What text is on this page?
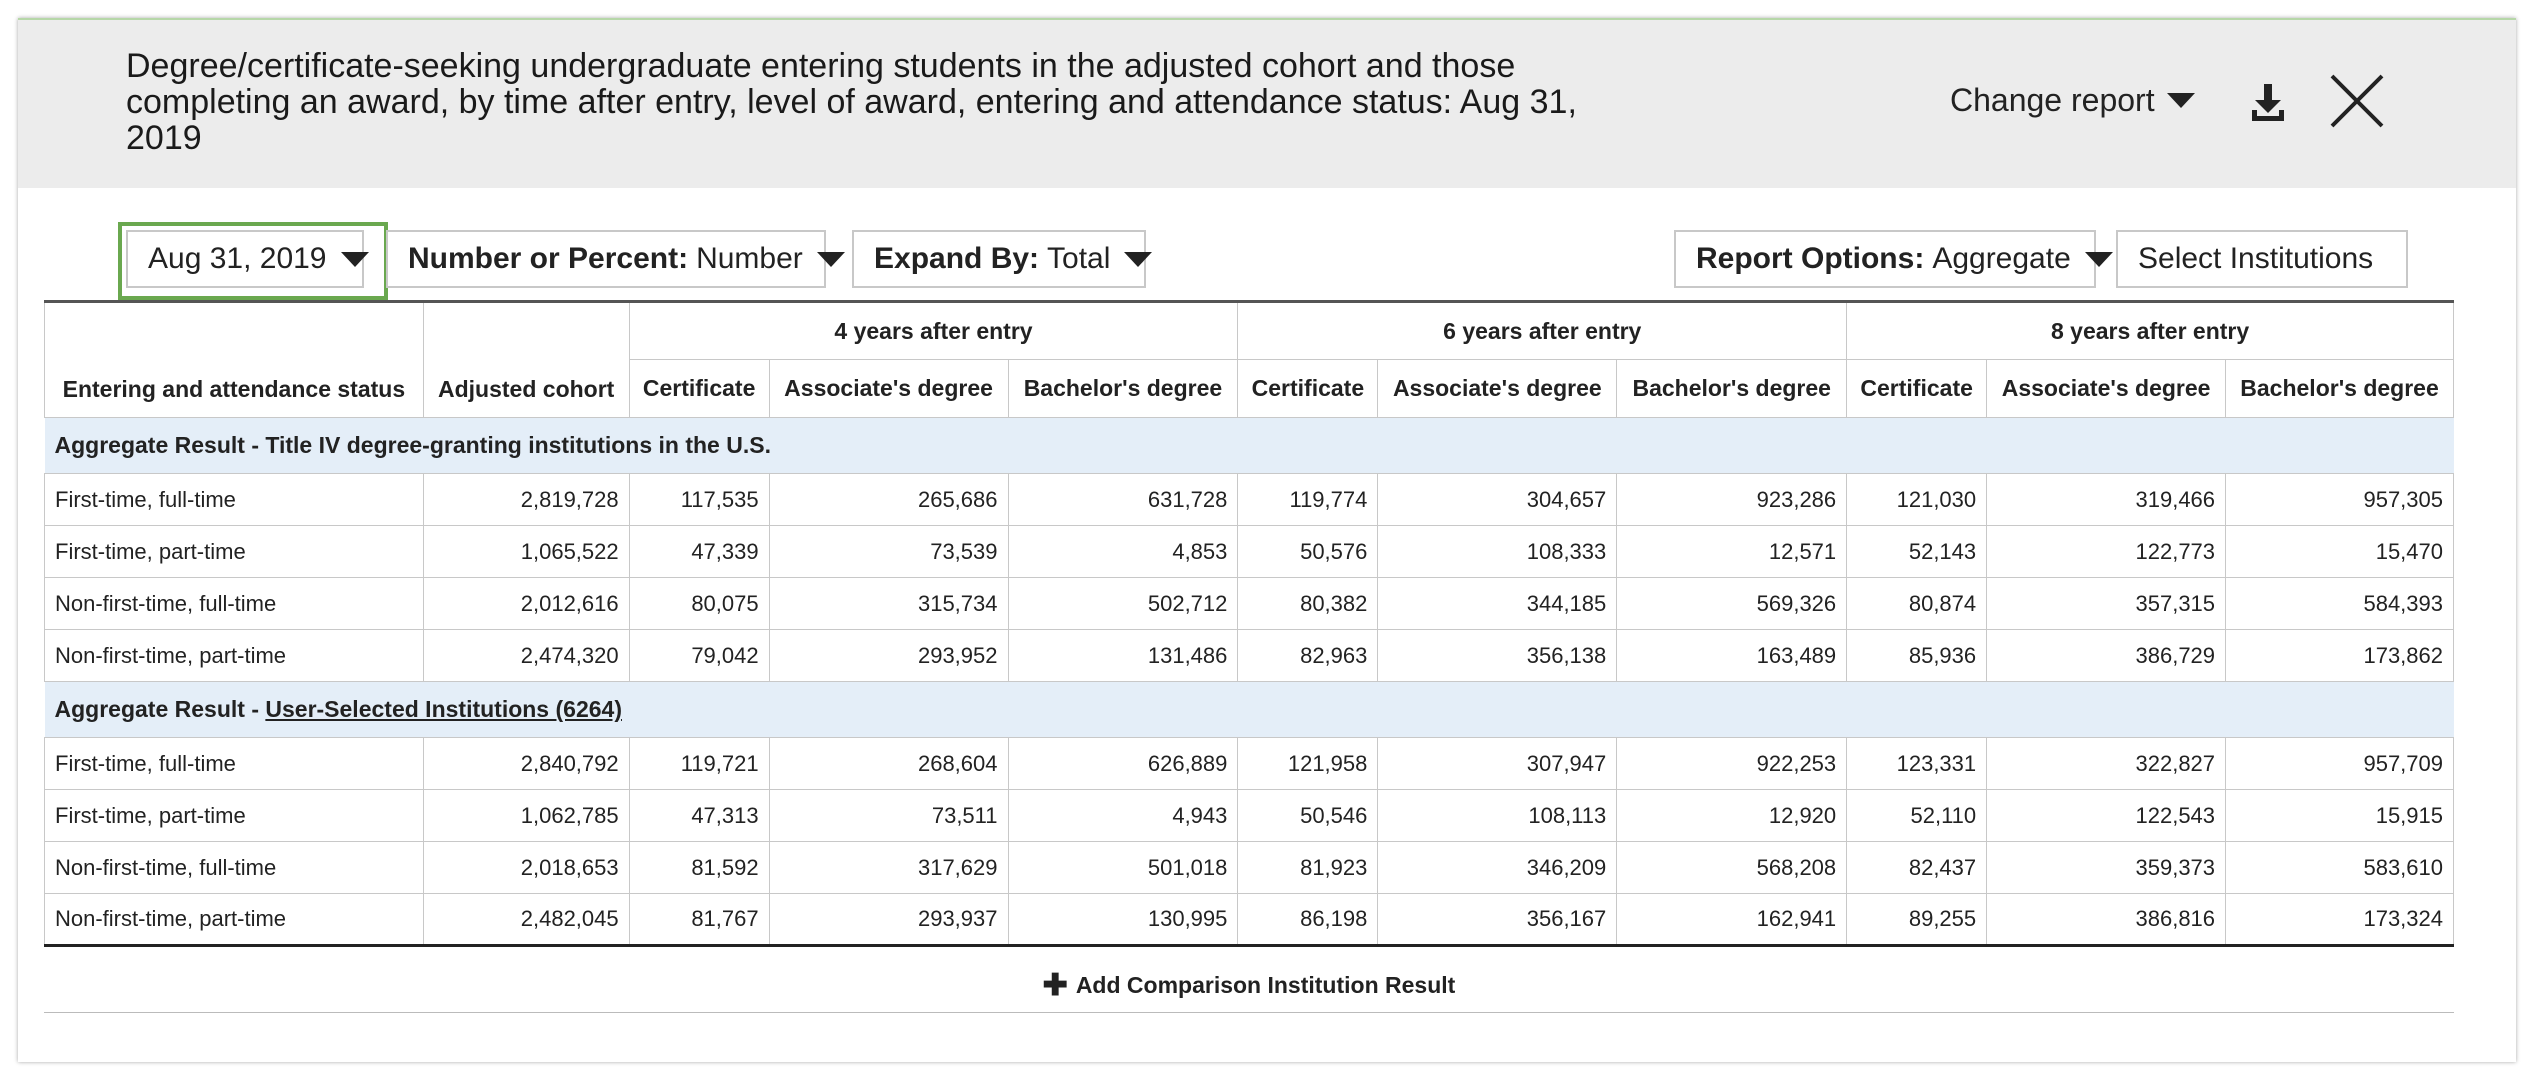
Degree/certificate-seeking undergraduate entering students in the adjusted cohort and those completing an award, by time after entry, level of award, entering and attendance status: Aug 31, 2019
Change report
Aug 31, 2019	Number or Percent: Number Expand By: Total	Report Options: Aggregate Select Institutions
Entering and attendance status	Adjusted cohort	4 years after entry			6 years after entry			8 years after entry		
		Certificate	Associate's degree	Bachelor's degree	Certificate	Associate's degree	Bachelor's degree	Certificate	Associate's degree	Bachelor's degree
Aggregate Result - Title IV degree-granting institutions in the U.S.										
First-time, full-time	2,819,728	117,535	265,686	631,728	119,774	304,657	923,286	121,030	319,466	957,305
First-time, part-time	1,065,522	47,339	73,539	4,853	50,576	108,333	12,571	52,143	122,773	15,470
Non-first-time, full-time	2,012,616	80,075	315,734	502,712	80,382	344,185	569,326	80,874	357,315	584,393
Non-first-time, part-time	2,474,320	79,042	293,952	131,486	82,963	356,138	163,489	85,936	386,729	173,862
Aggregate Result - User-Selected Institutions (6264)										
First-time, full-time	2,840,792	119,721	268,604	626,889	121,958	307,947	922,253	123,331	322,827	957,709
First-time, part-time	1,062,785	47,313	73,511	4,943	50,546	108,113	12,920	52,110	122,543	15,915
Non-first-time, full-time	2,018,653	81,592	317,629	501,018	81,923	346,209	568,208	82,437	359,373	583,610
Non-first-time, part-time	2,482,045	81,767	293,937	130,995	86,198	356,167	162,941	89,255	386,816	173,324
✚ Add Comparison Institution Result
